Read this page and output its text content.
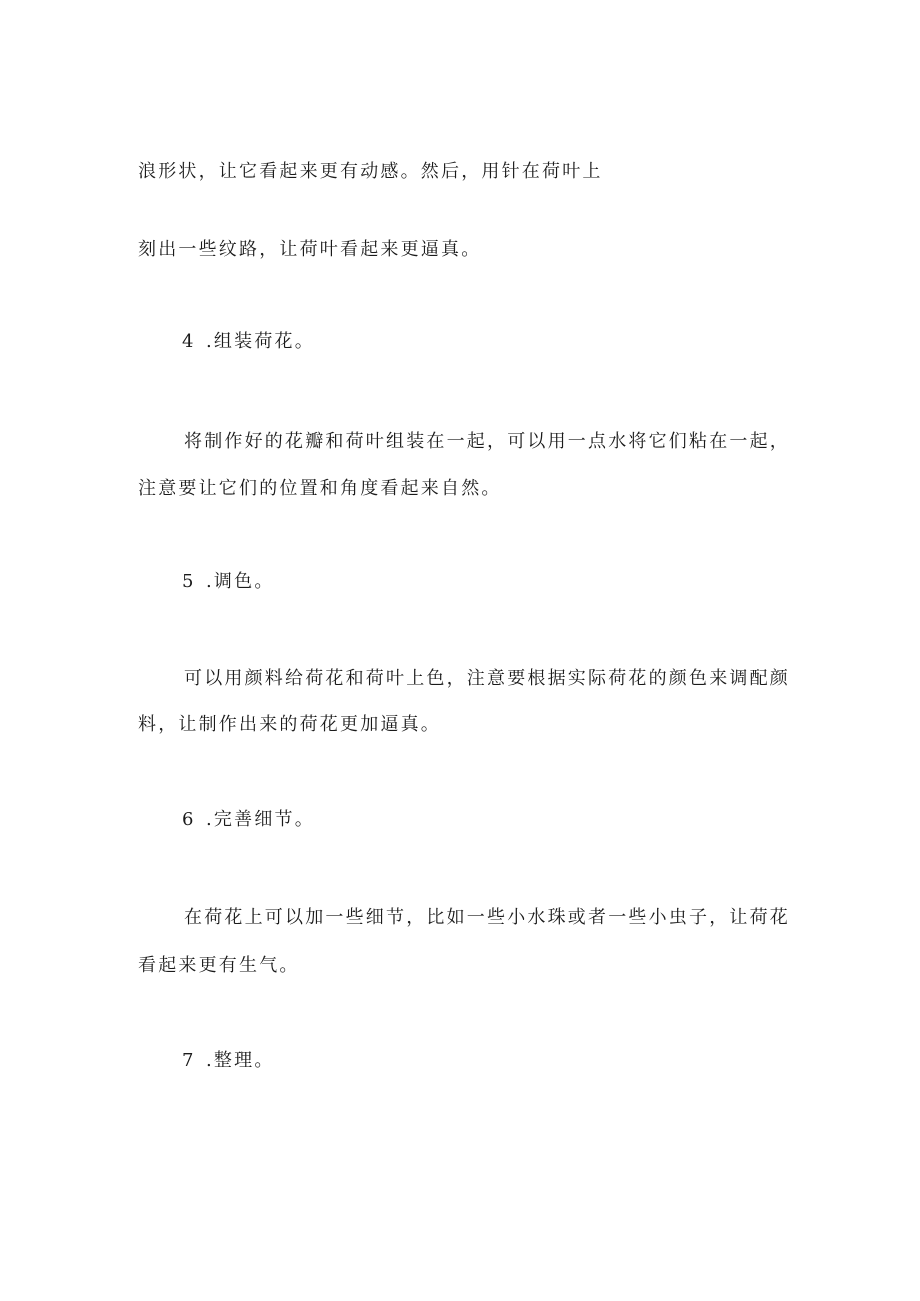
浪形状，让它看起来更有动感。然后，用针在荷叶上
刻出一些纹路，让荷叶看起来更逼真。
4 .组装荷花。
将制作好的花瓣和荷叶组装在一起，可以用一点水将它们粘在一起，
注意要让它们的位置和角度看起来自然。
5 .调色。
可以用颜料给荷花和荷叶上色，注意要根据实际荷花的颜色来调配颜
料，让制作出来的荷花更加逼真。
6 .完善细节。
在荷花上可以加一些细节，比如一些小水珠或者一些小虫子，让荷花
看起来更有生气。
7 .整理。
